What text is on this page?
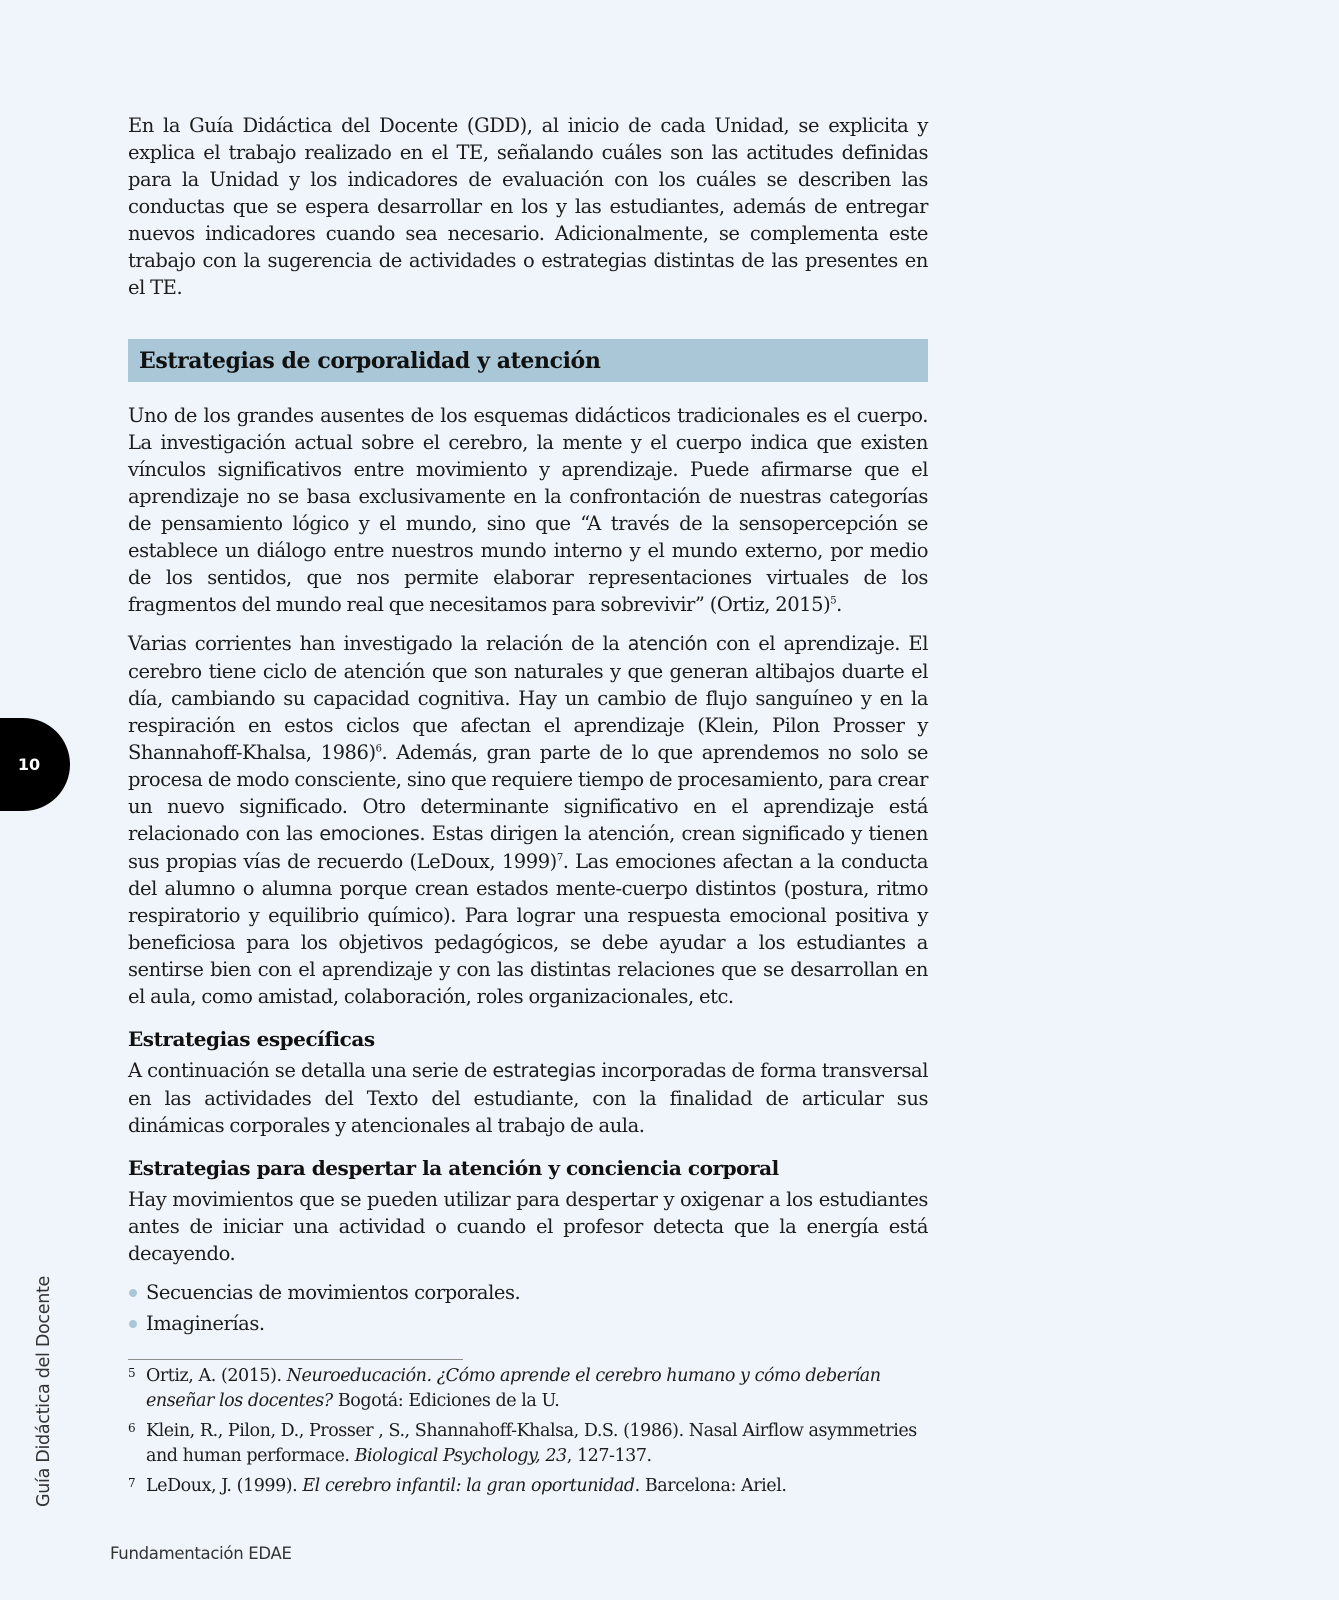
En la Guía Didáctica del Docente (GDD), al inicio de cada Unidad, se explicita y explica el trabajo realizado en el TE, señalando cuáles son las actitudes definidas para la Unidad y los indicadores de evaluación con los cuáles se describen las conductas que se espera desarrollar en los y las estudiantes, además de entregar nuevos indicadores cuando sea necesario. Adicionalmente, se complementa este trabajo con la sugerencia de actividades o estrategias distintas de las presentes en el TE.

Estrategias de corporalidad y atención

Uno de los grandes ausentes de los esquemas didácticos tradicionales es el cuerpo. La investigación actual sobre el cerebro, la mente y el cuerpo indica que existen vínculos significativos entre movimiento y aprendizaje. Puede afirmarse que el aprendizaje no se basa exclusivamente en la confrontación de nuestras categorías de pensamiento lógico y el mundo, sino que “A través de la sensopercepción se establece un diálogo entre nuestros mundo interno y el mundo externo, por medio de los sentidos, que nos permite elaborar representaciones virtuales de los fragmentos del mundo real que necesitamos para sobrevivir” (Ortiz, 2015)$^5$.

Varias corrientes han investigado la relación de la atención con el aprendizaje. El cerebro tiene ciclo de atención que son naturales y que generan altibajos duarte el día, cambiando su capacidad cognitiva. Hay un cambio de flujo sanguíneo y en la respiración en estos ciclos que afectan el aprendizaje (Klein, Pilon Prosser y Shannahoff-Khalsa, 1986)$^6$. Además, gran parte de lo que aprendemos no solo se procesa de modo consciente, sino que requiere tiempo de procesamiento, para crear un nuevo significado. Otro determinante significativo en el aprendizaje está relacionado con las emociones. Estas dirigen la atención, crean significado y tienen sus propias vías de recuerdo (LeDoux, 1999)$^7$. Las emociones afectan a la conducta del alumno o alumna porque crean estados mente-cuerpo distintos (postura, ritmo respiratorio y equilibrio químico). Para lograr una respuesta emocional positiva y beneficiosa para los objetivos pedagógicos, se debe ayudar a los estudiantes a sentirse bien con el aprendizaje y con las distintas relaciones que se desarrollan en el aula, como amistad, colaboración, roles organizacionales, etc.

Estrategias específicas

A continuación se detalla una serie de estrategias incorporadas de forma transversal en las actividades del Texto del estudiante, con la finalidad de articular sus dinámicas corporales y atencionales al trabajo de aula.

Estrategias para despertar la atención y conciencia corporal

Hay movimientos que se pueden utilizar para despertar y oxigenar a los estudiantes antes de iniciar una actividad o cuando el profesor detecta que la energía está decayendo.

Secuencias de movimientos corporales.
Imaginerías.
10
Guía Didáctica del Docente	5 Ortiz, A. (2015). Neuroeducación. ¿Cómo aprende el cerebro humano y cómo deberían enseñar los docentes? Bogotá: Ediciones de la U.
6 Klein, R., Pilon, D., Prosser , S., Shannahoff-Khalsa, D.S. (1986). Nasal Airflow asymmetries and human performace. Biological Psychology, 23, 127-137.
7 LeDoux, J. (1999). El cerebro infantil: la gran oportunidad. Barcelona: Ariel.
Fundamentación EDAE
